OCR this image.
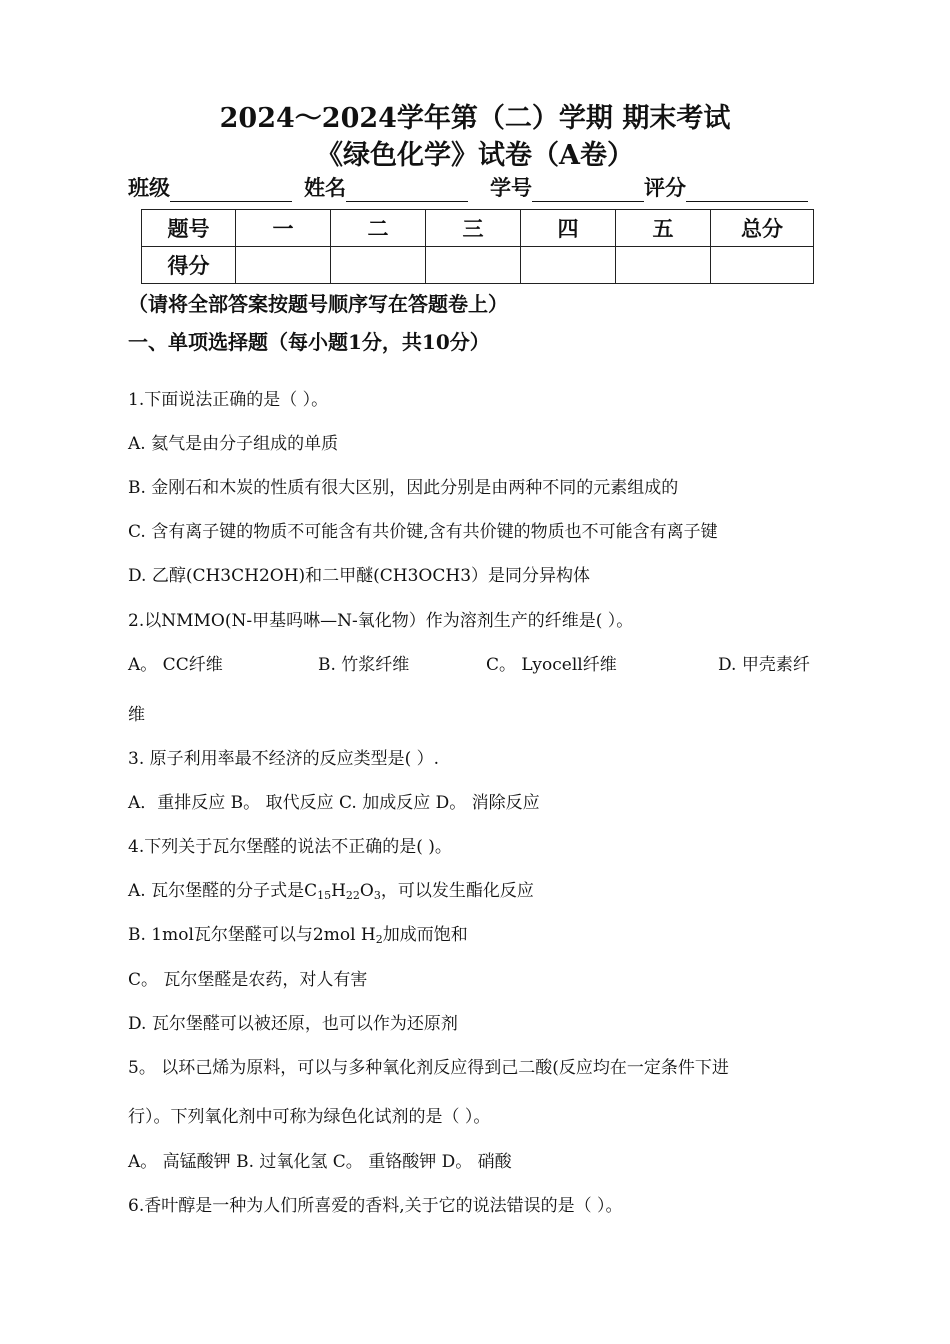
2024～2024学年第（二）学期 期末考试
《绿色化学》试卷（A卷）
班级	姓名	学号	评分
题号	一	二	三	四	五	总分
得分						
（请将全部答案按题号顺序写在答题卷上）
一、单项选择题（每小题1分，共10分）
1.下面说法正确的是（ ）。
A. 氦气是由分子组成的单质
B. 金刚石和木炭的性质有很大区别，因此分别是由两种不同的元素组成的
C. 含有离子键的物质不可能含有共价键,含有共价键的物质也不可能含有离子键
D. 乙醇(CH3CH2OH)和二甲醚(CH3OCH3）是同分异构体
2.以NMMO(N-甲基吗啉—N-氧化物）作为溶剂生产的纤维是( ）。
A。 CC纤维	B. 竹浆纤维	C。 Lyocell纤维	D. 甲壳素纤
维
3. 原子利用率最不经济的反应类型是( ）.
A．重排反应 B。 取代反应 C. 加成反应 D。 消除反应
4.下列关于瓦尔堡醛的说法不正确的是( )。
A. 瓦尔堡醛的分子式是$C_{15}H_{22}O_3$，可以发生酯化反应
B. 1mol瓦尔堡醛可以与2mol $H_2$加成而饱和
C。 瓦尔堡醛是农药，对人有害
D. 瓦尔堡醛可以被还原，也可以作为还原剂
5。 以环己烯为原料，可以与多种氧化剂反应得到己二酸(反应均在一定条件下进
行）。下列氧化剂中可称为绿色化试剂的是（ ）。
A。 高锰酸钾 B. 过氧化氢 C。 重铬酸钾 D。 硝酸
6.香叶醇是一种为人们所喜爱的香料,关于它的说法错误的是（ ）。
